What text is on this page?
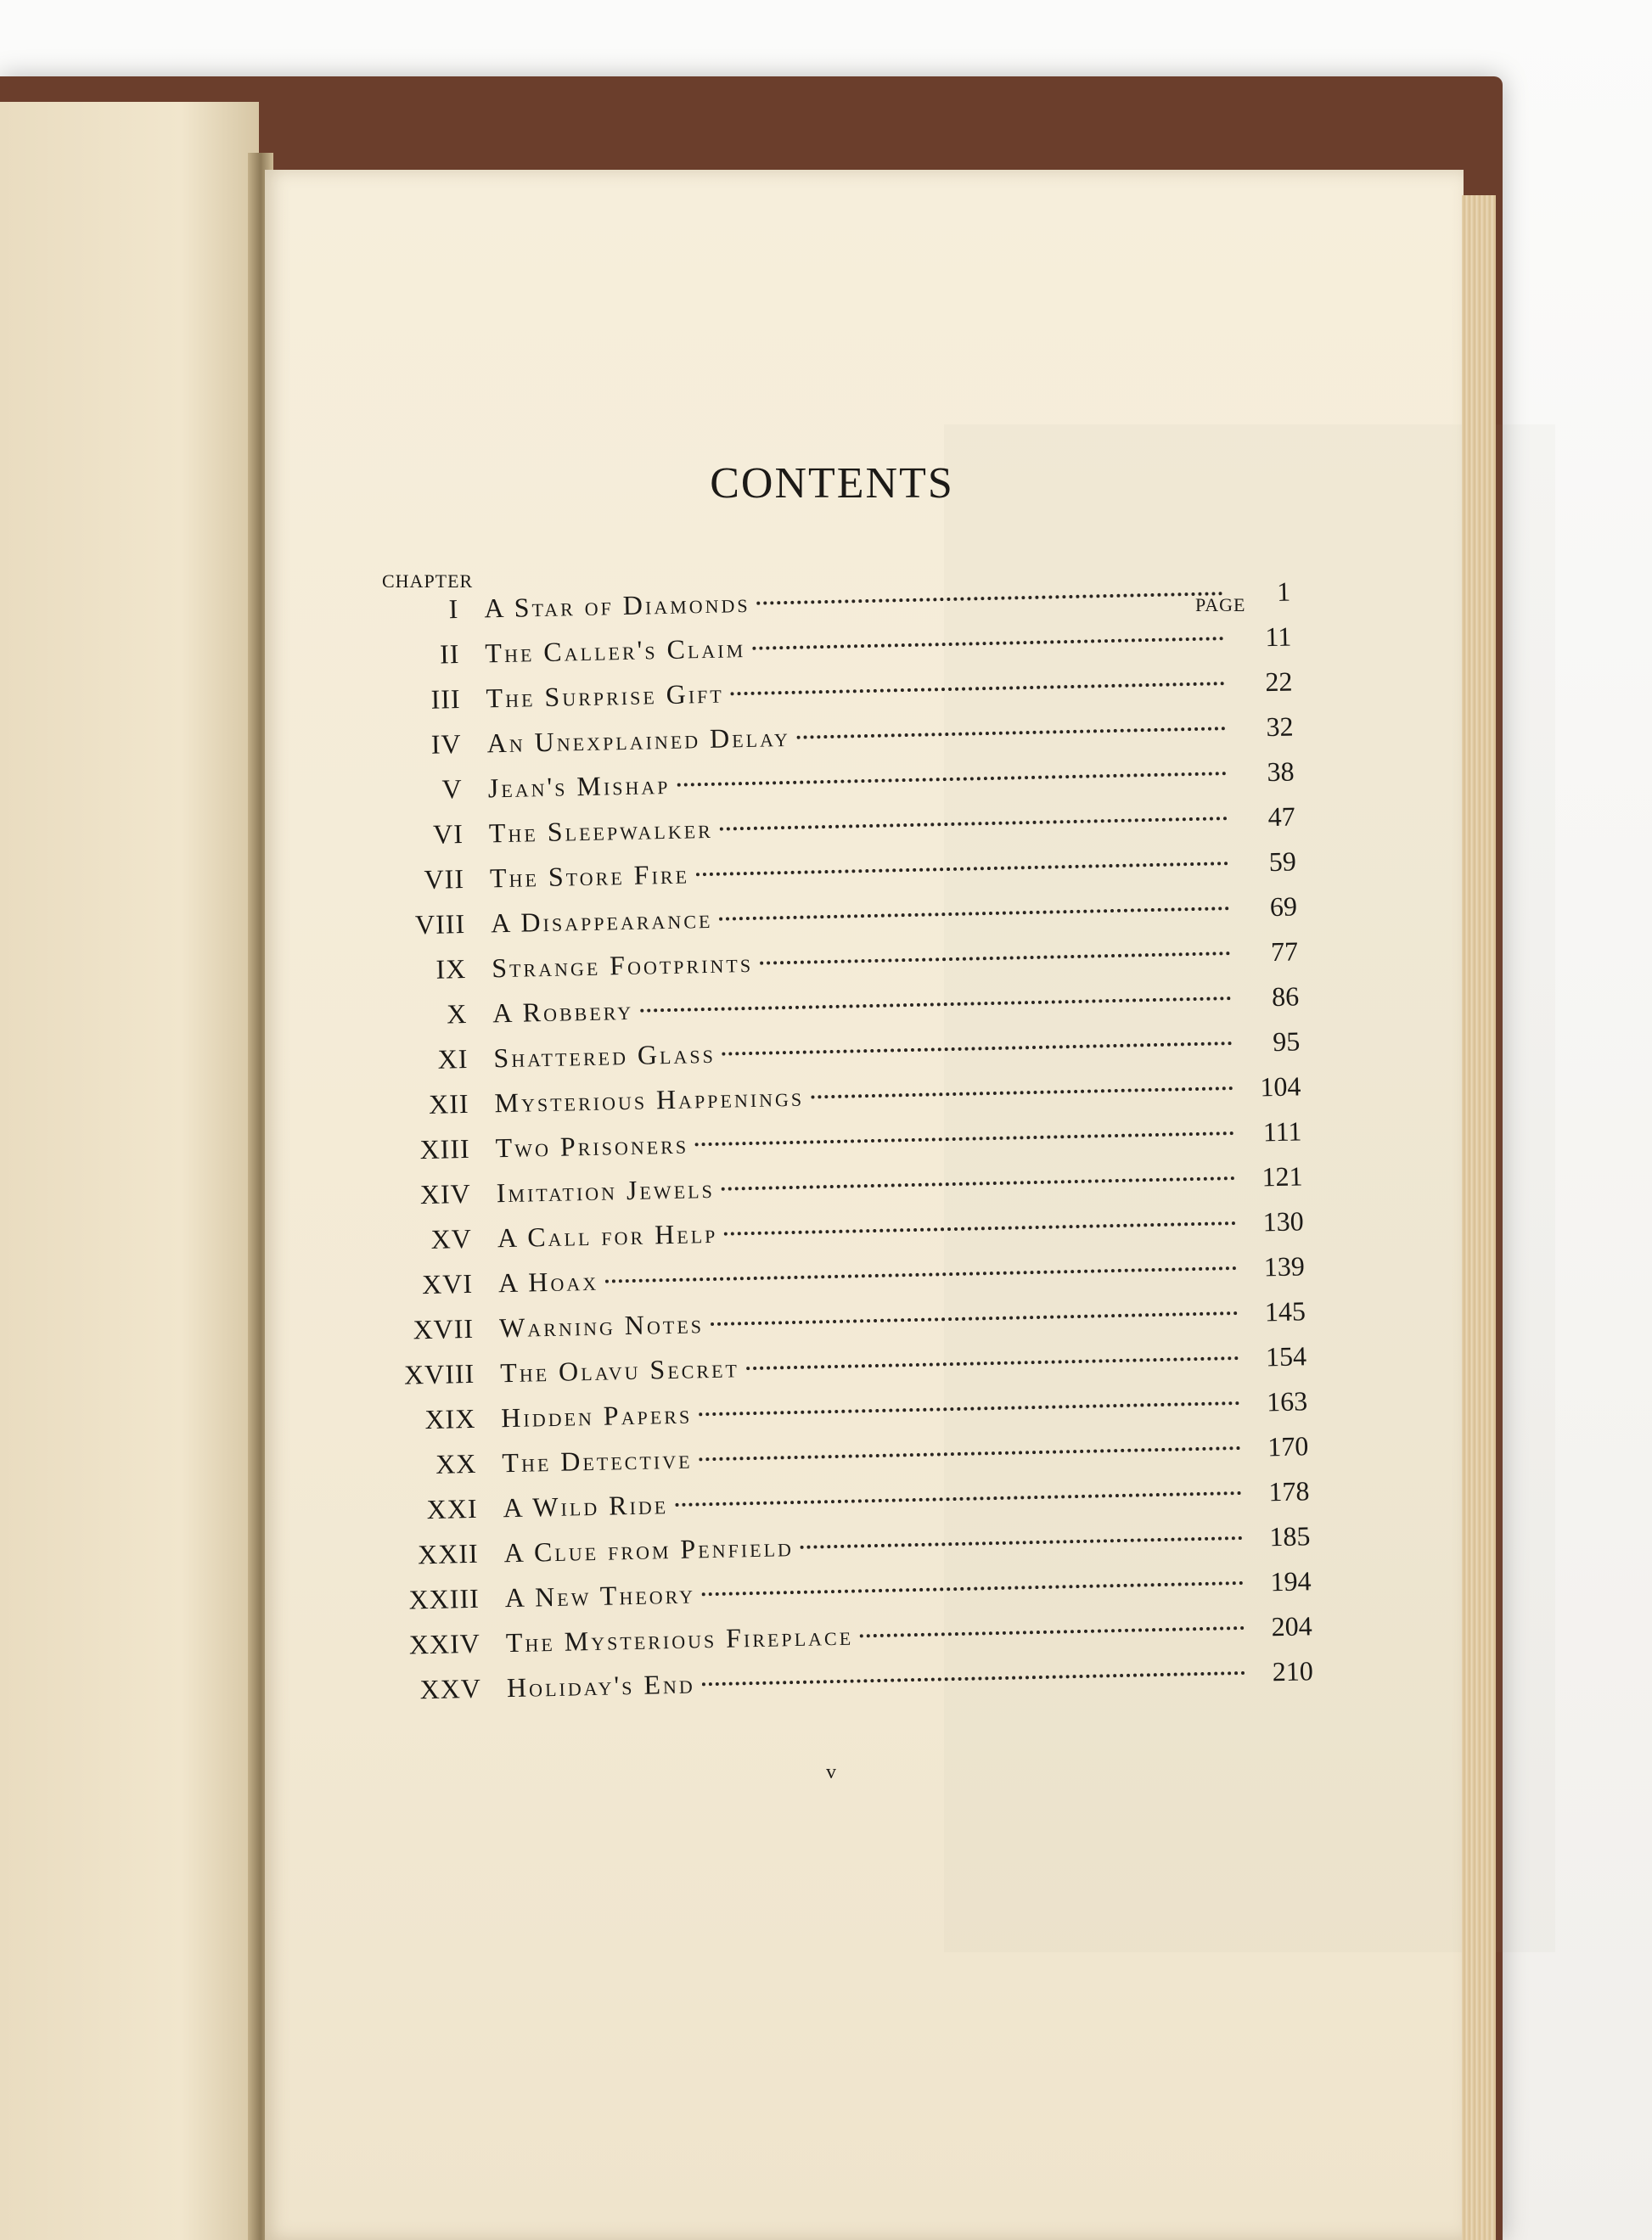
CONTENTS
CHAPTER
PAGE
I A Star of Diamonds	1
II The Caller's Claim	11
III The Surprise Gift	22
IV An Unexplained Delay	32
V Jean's Mishap	38
VI The Sleepwalker	47
VII The Store Fire	59
VIII A Disappearance	69
IX Strange Footprints	77
X A Robbery	86
XI Shattered Glass	95
XII Mysterious Happenings	104
XIII Two Prisoners	111
XIV Imitation Jewels	121
XV A Call for Help	130
XVI A Hoax	139
XVII Warning Notes	145
XVIII The Olavu Secret	154
XIX Hidden Papers	163
XX The Detective	170
XXI A Wild Ride	178
XXII A Clue from Penfield	185
XXIII A New Theory	194
XXIV The Mysterious Fireplace	204
XXV Holiday's End	210
v
